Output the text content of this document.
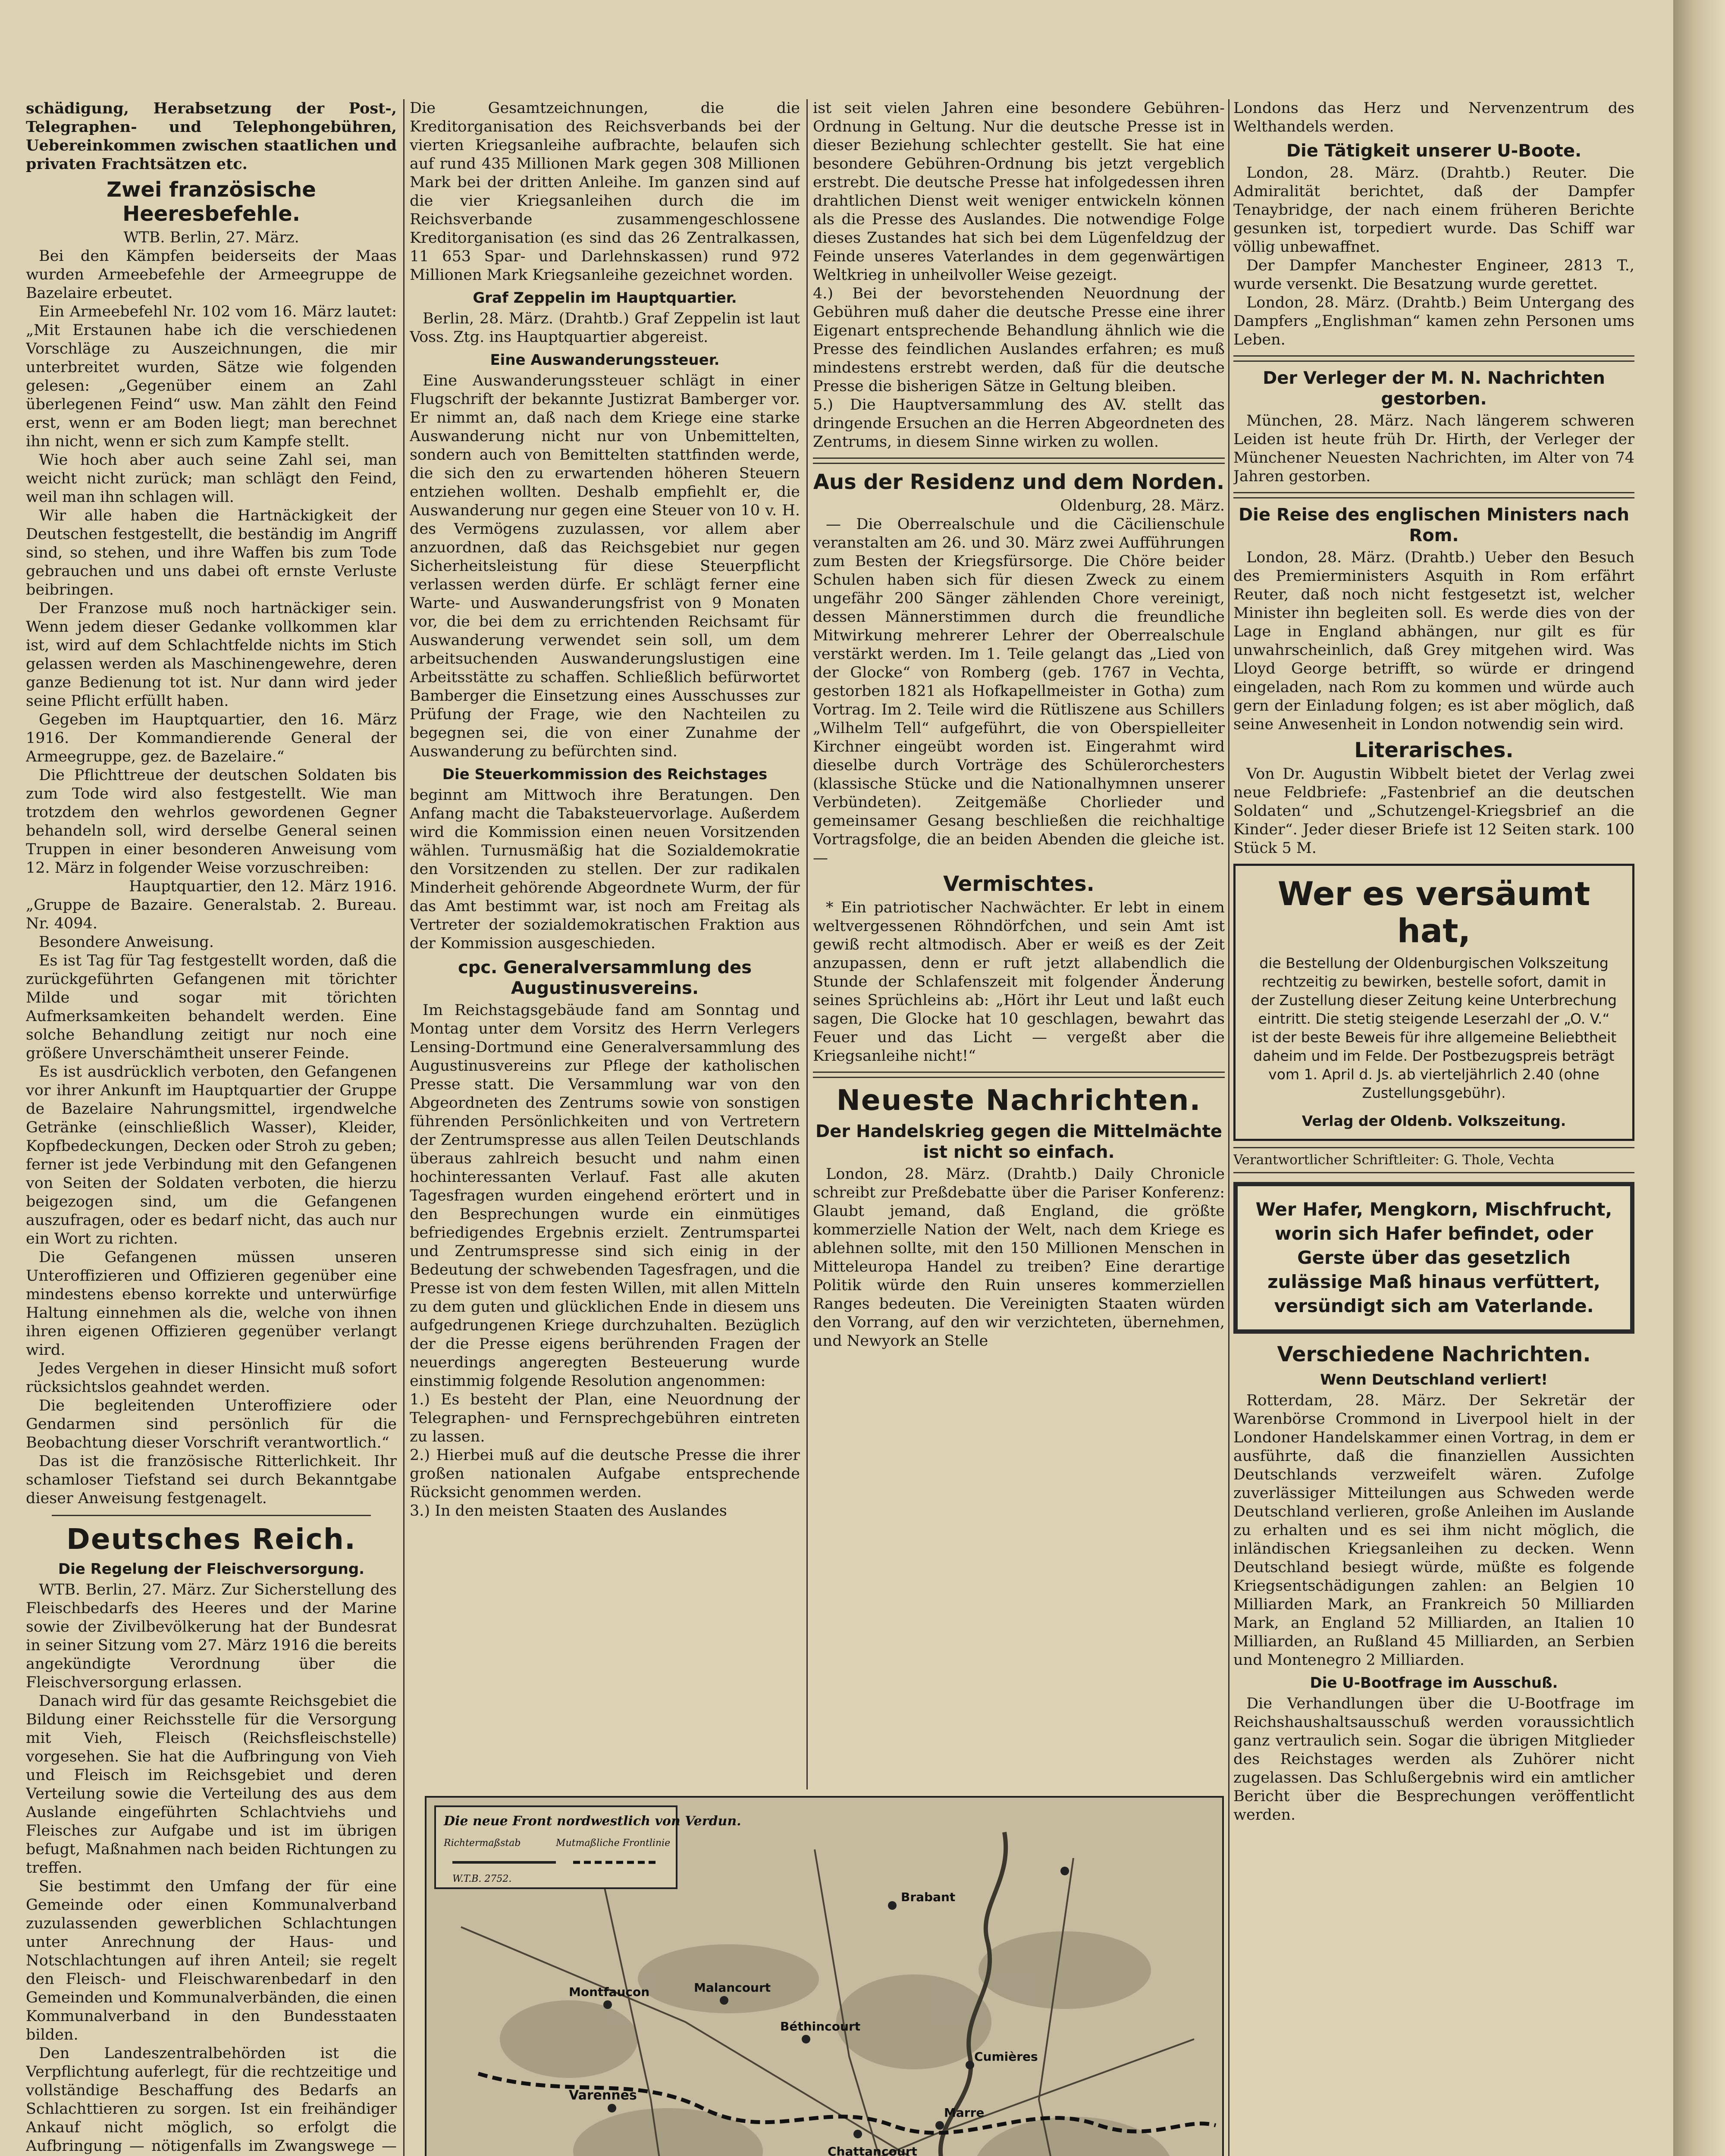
schädigung, Herabsetzung der Post-, Telegraphen- und Telephongebühren, Uebereinkommen zwischen staatlichen und privaten Frachtsätzen etc.

Zwei französische Heeresbefehle.

WTB. Berlin, 27. März.

Bei den Kämpfen beiderseits der Maas wurden Armeebefehle der Armeegruppe de Bazelaire erbeutet.

Ein Armeebefehl Nr. 102 vom 16. März lautet: „Mit Erstaunen habe ich die verschiedenen Vorschläge zu Auszeichnungen, die mir unterbreitet wurden, Sätze wie folgenden gelesen: „Gegenüber einem an Zahl überlegenen Feind“ usw. Man zählt den Feind erst, wenn er am Boden liegt; man berechnet ihn nicht, wenn er sich zum Kampfe stellt.

Wie hoch aber auch seine Zahl sei, man weicht nicht zurück; man schlägt den Feind, weil man ihn schlagen will.

Wir alle haben die Hartnäckigkeit der Deutschen festgestellt, die beständig im Angriff sind, so stehen, und ihre Waffen bis zum Tode gebrauchen und uns dabei oft ernste Verluste beibringen.

Der Franzose muß noch hartnäckiger sein. Wenn jedem dieser Gedanke vollkommen klar ist, wird auf dem Schlachtfelde nichts im Stich gelassen werden als Maschinengewehre, deren ganze Bedienung tot ist. Nur dann wird jeder seine Pflicht erfüllt haben.

Gegeben im Hauptquartier, den 16. März 1916. Der Kommandierende General der Armeegruppe, gez. de Bazelaire.“

Die Pflichttreue der deutschen Soldaten bis zum Tode wird also festgestellt. Wie man trotzdem den wehrlos gewordenen Gegner behandeln soll, wird derselbe General seinen Truppen in einer besonderen Anweisung vom 12. März in folgender Weise vorzuschreiben:

Hauptquartier, den 12. März 1916.

„Gruppe de Bazaire. Generalstab. 2. Bureau. Nr. 4094.

Besondere Anweisung.

Es ist Tag für Tag festgestellt worden, daß die zurückgeführten Gefangenen mit törichter Milde und sogar mit törichten Aufmerksamkeiten behandelt werden. Eine solche Behandlung zeitigt nur noch eine größere Unverschämtheit unserer Feinde.

Es ist ausdrücklich verboten, den Gefangenen vor ihrer Ankunft im Hauptquartier der Gruppe de Bazelaire Nahrungsmittel, irgendwelche Getränke (einschließlich Wasser), Kleider, Kopfbedeckungen, Decken oder Stroh zu geben; ferner ist jede Verbindung mit den Gefangenen von Seiten der Soldaten verboten, die hierzu beigezogen sind, um die Gefangenen auszufragen, oder es bedarf nicht, das auch nur ein Wort zu richten.

Die Gefangenen müssen unseren Unteroffizieren und Offizieren gegenüber eine mindestens ebenso korrekte und unterwürfige Haltung einnehmen als die, welche von ihnen ihren eigenen Offizieren gegenüber verlangt wird.

Jedes Vergehen in dieser Hinsicht muß sofort rücksichtslos geahndet werden.

Die begleitenden Unteroffiziere oder Gendarmen sind persönlich für die Beobachtung dieser Vorschrift verantwortlich.“

Das ist die französische Ritterlichkeit. Ihr schamloser Tiefstand sei durch Bekanntgabe dieser Anweisung festgenagelt.

Deutsches Reich.
Die Regelung der Fleischversorgung.

WTB. Berlin, 27. März. Zur Sicherstellung des Fleischbedarfs des Heeres und der Marine sowie der Zivilbevölkerung hat der Bundesrat in seiner Sitzung vom 27. März 1916 die bereits angekündigte Verordnung über die Fleischversorgung erlassen.

Danach wird für das gesamte Reichsgebiet die Bildung einer Reichsstelle für die Versorgung mit Vieh, Fleisch (Reichsfleischstelle) vorgesehen. Sie hat die Aufbringung von Vieh und Fleisch im Reichsgebiet und deren Verteilung sowie die Verteilung des aus dem Auslande eingeführten Schlachtviehs und Fleisches zur Aufgabe und ist im übrigen befugt, Maßnahmen nach beiden Richtungen zu treffen.

Sie bestimmt den Umfang der für eine Gemeinde oder einen Kommunalverband zuzulassenden gewerblichen Schlachtungen unter Anrechnung der Haus- und Notschlachtungen auf ihren Anteil; sie regelt den Fleisch- und Fleischwarenbedarf in den Gemeinden und Kommunalverbänden, die einen Kommunalverband in den Bundesstaaten bilden.

Den Landeszentralbehörden ist die Verpflichtung auferlegt, für die rechtzeitige und vollständige Beschaffung des Bedarfs an Schlachttieren zu sorgen. Ist ein freihändiger Ankauf nicht möglich, so erfolgt die Aufbringung — nötigenfalls im Zwangswege —

Die Gesamtzeichnungen, die die Kreditorganisation des Reichsverbands bei der vierten Kriegsanleihe aufbrachte, belaufen sich auf rund 435 Millionen Mark gegen 308 Millionen Mark bei der dritten Anleihe. Im ganzen sind auf die vier Kriegsanleihen durch die im Reichsverbande zusammengeschlossene Kreditorganisation (es sind das 26 Zentralkassen, 11 653 Spar- und Darlehnskassen) rund 972 Millionen Mark Kriegsanleihe gezeichnet worden.

Graf Zeppelin im Hauptquartier.

Berlin, 28. März. (Drahtb.) Graf Zeppelin ist laut Voss. Ztg. ins Hauptquartier abgereist.

Eine Auswanderungssteuer.

Eine Auswanderungssteuer schlägt in einer Flugschrift der bekannte Justizrat Bamberger vor. Er nimmt an, daß nach dem Kriege eine starke Auswanderung nicht nur von Unbemittelten, sondern auch von Bemittelten stattfinden werde, die sich den zu erwartenden höheren Steuern entziehen wollten. Deshalb empfiehlt er, die Auswanderung nur gegen eine Steuer von 10 v. H. des Vermögens zuzulassen, vor allem aber anzuordnen, daß das Reichsgebiet nur gegen Sicherheitsleistung für diese Steuerpflicht verlassen werden dürfe. Er schlägt ferner eine Warte- und Auswanderungsfrist von 9 Monaten vor, die bei dem zu errichtenden Reichsamt für Auswanderung verwendet sein soll, um dem arbeitsuchenden Auswanderungslustigen eine Arbeitsstätte zu schaffen. Schließlich befürwortet Bamberger die Einsetzung eines Ausschusses zur Prüfung der Frage, wie den Nachteilen zu begegnen sei, die von einer Zunahme der Auswanderung zu befürchten sind.

Die Steuerkommission des Reichstages

beginnt am Mittwoch ihre Beratungen. Den Anfang macht die Tabaksteuervorlage. Außerdem wird die Kommission einen neuen Vorsitzenden wählen. Turnusmäßig hat die Sozialdemokratie den Vorsitzenden zu stellen. Der zur radikalen Minderheit gehörende Abgeordnete Wurm, der für das Amt bestimmt war, ist noch am Freitag als Vertreter der sozialdemokratischen Fraktion aus der Kommission ausgeschieden.

cpc. Generalversammlung des Augustinusvereins.

Im Reichstagsgebäude fand am Sonntag und Montag unter dem Vorsitz des Herrn Verlegers Lensing-Dortmund eine Generalversammlung des Augustinusvereins zur Pflege der katholischen Presse statt. Die Versammlung war von den Abgeordneten des Zentrums sowie von sonstigen führenden Persönlichkeiten und von Vertretern der Zentrumspresse aus allen Teilen Deutschlands überaus zahlreich besucht und nahm einen hochinteressanten Verlauf. Fast alle akuten Tagesfragen wurden eingehend erörtert und in den Besprechungen wurde ein einmütiges befriedigendes Ergebnis erzielt. Zentrumspartei und Zentrumspresse sind sich einig in der Bedeutung der schwebenden Tagesfragen, und die Presse ist von dem festen Willen, mit allen Mitteln zu dem guten und glücklichen Ende in diesem uns aufgedrungenen Kriege durchzuhalten. Bezüglich der die Presse eigens berührenden Fragen der neuerdings angeregten Besteuerung wurde einstimmig folgende Resolution angenommen:

1.) Es besteht der Plan, eine Neuordnung der Telegraphen- und Fernsprechgebühren eintreten zu lassen.

2.) Hierbei muß auf die deutsche Presse die ihrer großen nationalen Aufgabe entsprechende Rücksicht genommen werden.

3.) In den meisten Staaten des Auslandes

ist seit vielen Jahren eine besondere Gebühren-Ordnung in Geltung. Nur die deutsche Presse ist in dieser Beziehung schlechter gestellt. Sie hat eine besondere Gebühren-Ordnung bis jetzt vergeblich erstrebt. Die deutsche Presse hat infolgedessen ihren drahtlichen Dienst weit weniger entwickeln können als die Presse des Auslandes. Die notwendige Folge dieses Zustandes hat sich bei dem Lügenfeldzug der Feinde unseres Vaterlandes in dem gegenwärtigen Weltkrieg in unheilvoller Weise gezeigt.

4.) Bei der bevorstehenden Neuordnung der Gebühren muß daher die deutsche Presse eine ihrer Eigenart entsprechende Behandlung ähnlich wie die Presse des feindlichen Auslandes erfahren; es muß mindestens erstrebt werden, daß für die deutsche Presse die bisherigen Sätze in Geltung bleiben.

5.) Die Hauptversammlung des AV. stellt das dringende Ersuchen an die Herren Abgeordneten des Zentrums, in diesem Sinne wirken zu wollen.

Aus der Residenz und dem Norden.

Oldenburg, 28. März.

— Die Oberrealschule und die Cäcilienschule veranstalten am 26. und 30. März zwei Aufführungen zum Besten der Kriegsfürsorge. Die Chöre beider Schulen haben sich für diesen Zweck zu einem ungefähr 200 Sänger zählenden Chore vereinigt, dessen Männerstimmen durch die freundliche Mitwirkung mehrerer Lehrer der Oberrealschule verstärkt werden. Im 1. Teile gelangt das „Lied von der Glocke“ von Romberg (geb. 1767 in Vechta, gestorben 1821 als Hofkapellmeister in Gotha) zum Vortrag. Im 2. Teile wird die Rütliszene aus Schillers „Wilhelm Tell“ aufgeführt, die von Oberspielleiter Kirchner eingeübt worden ist. Eingerahmt wird dieselbe durch Vorträge des Schülerorchesters (klassische Stücke und die Nationalhymnen unserer Verbündeten). Zeitgemäße Chorlieder und gemeinsamer Gesang beschließen die reichhaltige Vortragsfolge, die an beiden Abenden die gleiche ist. —

Vermischtes.

* Ein patriotischer Nachwächter. Er lebt in einem weltvergessenen Röhndörfchen, und sein Amt ist gewiß recht altmodisch. Aber er weiß es der Zeit anzupassen, denn er ruft jetzt allabendlich die Stunde der Schlafenszeit mit folgender Änderung seines Sprüchleins ab: „Hört ihr Leut und laßt euch sagen, Die Glocke hat 10 geschlagen, bewahrt das Feuer und das Licht — vergeßt aber die Kriegsanleihe nicht!“

Neueste Nachrichten.
Der Handelskrieg gegen die Mittelmächte ist nicht so einfach.

London, 28. März. (Drahtb.) Daily Chronicle schreibt zur Preßdebatte über die Pariser Konferenz: Glaubt jemand, daß England, die größte kommerzielle Nation der Welt, nach dem Kriege es ablehnen sollte, mit den 150 Millionen Menschen in Mitteleuropa Handel zu treiben? Eine derartige Politik würde den Ruin unseres kommerziellen Ranges bedeuten. Die Vereinigten Staaten würden den Vorrang, auf den wir verzichteten, übernehmen, und Newyork an Stelle

Londons das Herz und Nervenzentrum des Welthandels werden.

Die Tätigkeit unserer U-Boote.

London, 28. März. (Drahtb.) Reuter. Die Admiralität berichtet, daß der Dampfer Tenaybridge, der nach einem früheren Berichte gesunken ist, torpediert wurde. Das Schiff war völlig unbewaffnet.

Der Dampfer Manchester Engineer, 2813 T., wurde versenkt. Die Besatzung wurde gerettet.

London, 28. März. (Drahtb.) Beim Untergang des Dampfers „Englishman“ kamen zehn Personen ums Leben.

Der Verleger der M. N. Nachrichten gestorben.

München, 28. März. Nach längerem schweren Leiden ist heute früh Dr. Hirth, der Verleger der Münchener Neuesten Nachrichten, im Alter von 74 Jahren gestorben.

Die Reise des englischen Ministers nach Rom.

London, 28. März. (Drahtb.) Ueber den Besuch des Premierministers Asquith in Rom erfährt Reuter, daß noch nicht festgesetzt ist, welcher Minister ihn begleiten soll. Es werde dies von der Lage in England abhängen, nur gilt es für unwahrscheinlich, daß Grey mitgehen wird. Was Lloyd George betrifft, so würde er dringend eingeladen, nach Rom zu kommen und würde auch gern der Einladung folgen; es ist aber möglich, daß seine Anwesenheit in London notwendig sein wird.

Literarisches.

Von Dr. Augustin Wibbelt bietet der Verlag zwei neue Feldbriefe: „Fastenbrief an die deutschen Soldaten“ und „Schutzengel-Kriegsbrief an die Kinder“. Jeder dieser Briefe ist 12 Seiten stark. 100 Stück 5 M.

Wer es versäumt hat,

die Bestellung der Oldenburgischen Volkszeitung rechtzeitig zu bewirken, bestelle sofort, damit in der Zustellung dieser Zeitung keine Unterbrechung eintritt. Die stetig steigende Leserzahl der „O. V.“ ist der beste Beweis für ihre allgemeine Beliebtheit daheim und im Felde. Der Postbezugspreis beträgt vom 1. April d. Js. ab vierteljährlich 2.40 (ohne Zustellungsgebühr).

Verlag der Oldenb. Volkszeitung.

Verantwortlicher Schriftleiter: G. Thole, Vechta

Wer Hafer, Mengkorn, Mischfrucht, worin sich Hafer befindet, oder Gerste über das gesetzlich zulässige Maß hinaus verfüttert, versündigt sich am Vaterlande.

Verschiedene Nachrichten.
Wenn Deutschland verliert!

Rotterdam, 28. März. Der Sekretär der Warenbörse Crommond in Liverpool hielt in der Londoner Handelskammer einen Vortrag, in dem er ausführte, daß die finanziellen Aussichten Deutschlands verzweifelt wären. Zufolge zuverlässiger Mitteilungen aus Schweden werde Deutschland verlieren, große Anleihen im Auslande zu erhalten und es sei ihm nicht möglich, die inländischen Kriegsanleihen zu decken. Wenn Deutschland besiegt würde, müßte es folgende Kriegsentschädigungen zahlen: an Belgien 10 Milliarden Mark, an Frankreich 50 Milliarden Mark, an England 52 Milliarden, an Italien 10 Milliarden, an Rußland 45 Milliarden, an Serbien und Montenegro 2 Milliarden.

Die U-Bootfrage im Ausschuß.

Die Verhandlungen über die U-Bootfrage im Reichshaushaltsausschuß werden voraussichtlich ganz vertraulich sein. Sogar die übrigen Mitglieder des Reichstages werden als Zuhörer nicht zugelassen. Das Schlußergebnis wird ein amtlicher Bericht über die Besprechungen veröffentlicht werden.

Die neue Front nordwestlich von Verdun.
Richtermaßstab	Mutmaßliche Frontlinie
W.T.B. 2752.
Varennes
Chattancourt
Malancourt
Montfaucon
Béthincourt
Cumières
Brabant
Marre
